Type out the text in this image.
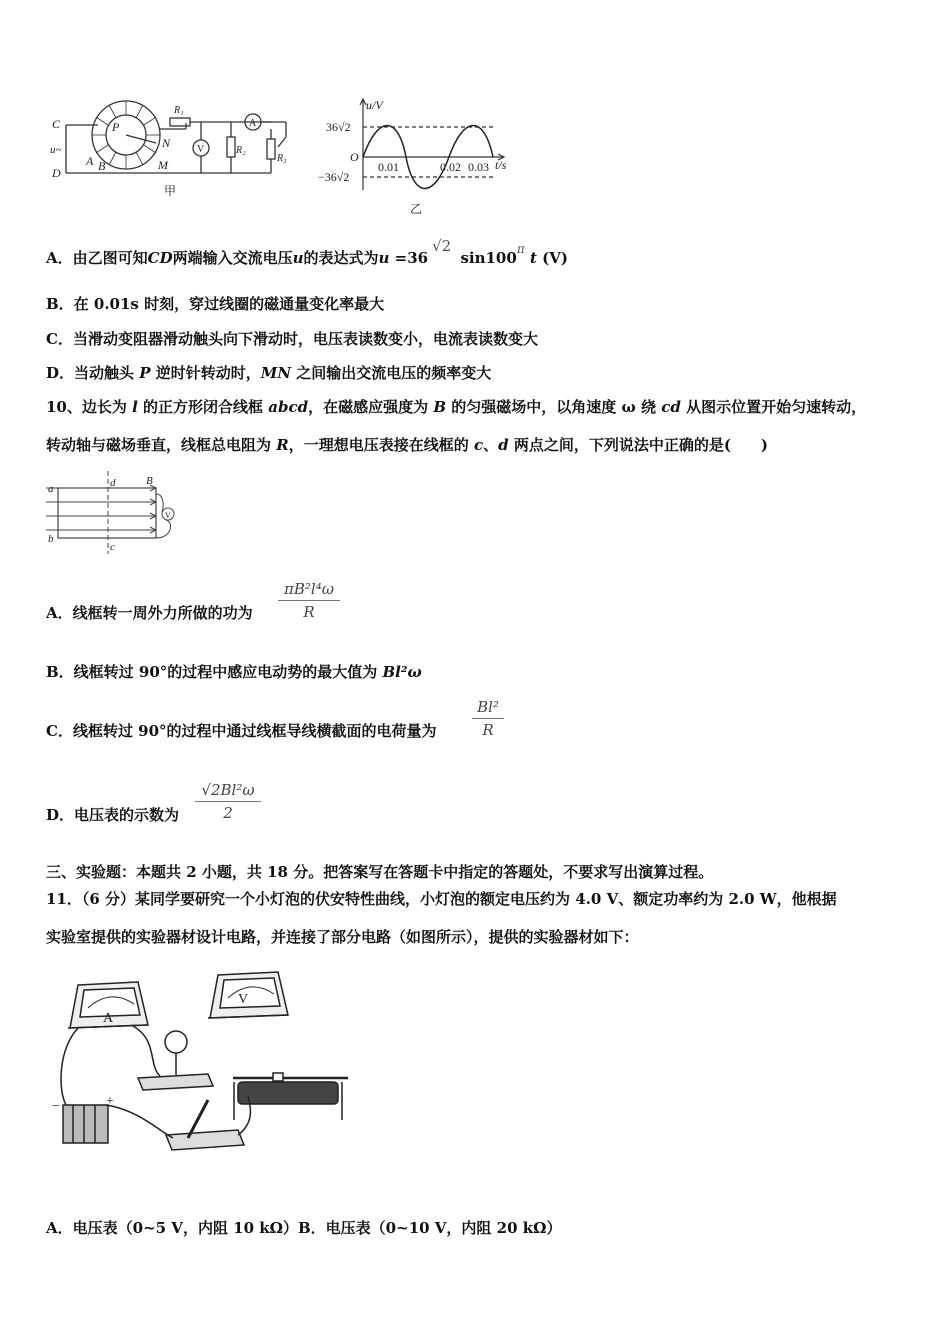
C
D
u~
A B
P
N
M
R₁
R₂
R₃
V
A
甲
u/V
t/s
36√2
−36√2
O
0.01	0.02 0.03
乙
A．由乙图可知CD两端输入交流电压u的表达式为u =36√2 $\sin 100^\pi$ t (V)
B．在 0.01s 时刻，穿过线圈的磁通量变化率最大
C．当滑动变阻器滑动触头向下滑动时，电压表读数变小，电流表读数变大
D．当动触头 P 逆时针转动时，MN 之间输出交流电压的频率变大
10、边长为 l 的正方形闭合线框 abcd，在磁感应强度为 B 的匀强磁场中，以角速度 ω 绕 cd 从图示位置开始匀速转动，
转动轴与磁场垂直，线框总电阻为 R，一理想电压表接在线框的 c、d 两点之间，下列说法中正确的是(　　)
a
b
c
d	B
V
A．线框转一周外力所做的功为
πB²l⁴ω
R
B．线框转过 90°的过程中感应电动势的最大值为 Bl²ω
C．线框转过 90°的过程中通过线框导线横截面的电荷量为
Bl²
R
D．电压表的示数为
√2Bl²ω
2
三、实验题：本题共 2 小题，共 18 分。把答案写在答题卡中指定的答题处，不要求写出演算过程。
11．（6 分）某同学要研究一个小灯泡的伏安特性曲线，小灯泡的额定电压约为 4.0 V、额定功率约为 2.0 W，他根据
实验室提供的实验器材设计电路，并连接了部分电路（如图所示），提供的实验器材如下：
A
V
−	+
A．电压表（0~5 V，内阻 10 kΩ）B．电压表（0~10 V，内阻 20 kΩ）
